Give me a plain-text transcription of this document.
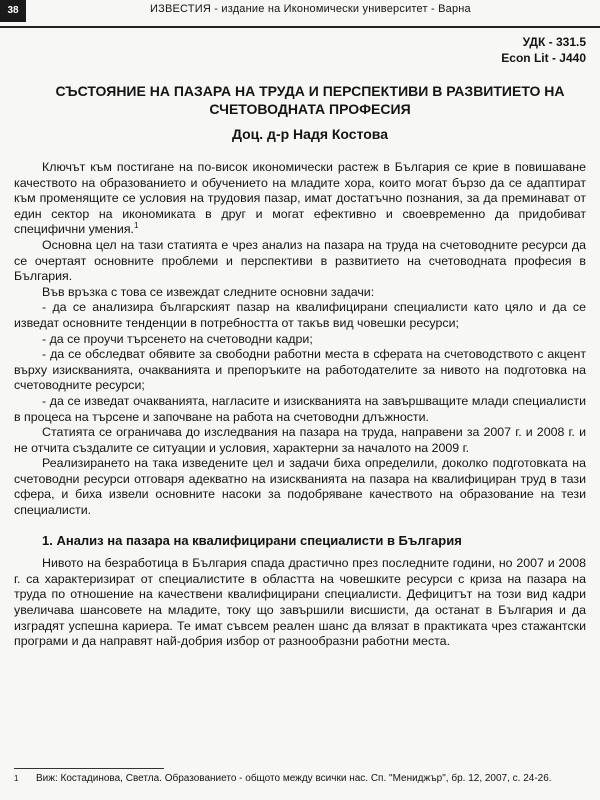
38	ИЗВЕСТИЯ - издание на Икономически университет - Варна
УДК - 331.5
Econ Lit - J440
СЪСТОЯНИЕ НА ПАЗАРА НА ТРУДА И ПЕРСПЕКТИВИ В РАЗВИТИЕТО НА СЧЕТОВОДНАТА ПРОФЕСИЯ
Доц. д-р Надя Костова

Ключът към постигане на по-висок икономически растеж в България се крие в повишаване качеството на образованието и обучението на младите хора, които могат бързо да се адаптират към променящите се условия на трудовия пазар, имат достатъчно познания, за да преминават от един сектор на икономиката в друг и могат ефективно и своевременно да придобиват специфични умения.$^1$

Основна цел на тази статията е чрез анализ на пазара на труда на счетоводните ресурси да се очертаят основните проблеми и перспективи в развитието на счетоводната професия в България.

Във връзка с това се извеждат следните основни задачи:

- да се анализира българският пазар на квалифицирани специалисти като цяло и да се изведат основните тенденции в потребността от такъв вид човешки ресурси;

- да се проучи търсенето на счетоводни кадри;

- да се обследват обявите за свободни работни места в сферата на счетоводството с акцент върху изискванията, очакванията и препоръките на работодателите за нивото на подготовка на счетоводните ресурси;

- да се изведат очакванията, нагласите и изискванията на завършващите млади специалисти в процеса на търсене и започване на работа на счетоводни длъжности.

Статията се ограничава до изследвания на пазара на труда, направени за 2007 г. и 2008 г. и не отчита създалите се ситуации и условия, характерни за началото на 2009 г.

Реализирането на така изведените цел и задачи биха определили, доколко подготовката на счетоводни ресурси отговаря адекватно на изискванията на пазара на квалифициран труд в тази сфера, и биха извели основните насоки за подобряване качеството на образование на тези специалисти.

1. Анализ на пазара на квалифицирани специалисти в България

Нивото на безработица в България спада драстично през последните години, но 2007 и 2008 г. са характеризират от специалистите в областта на човешките ресурси с криза на пазара на труда по отношение на качествени квалифицирани специалисти. Дефицитът на този вид кадри увеличава шансовете на младите, току що завършили висшисти, да останат в България и да изградят успешна кариера. Те имат съвсем реален шанс да влязат в практиката чрез стажантски програми и да направят най-добрия избор от разнообразни работни места.

1	Виж: Костадинова, Светла. Образованието - общото между всички нас. Сп. "Мениджър", бр. 12, 2007, с. 24-26.
